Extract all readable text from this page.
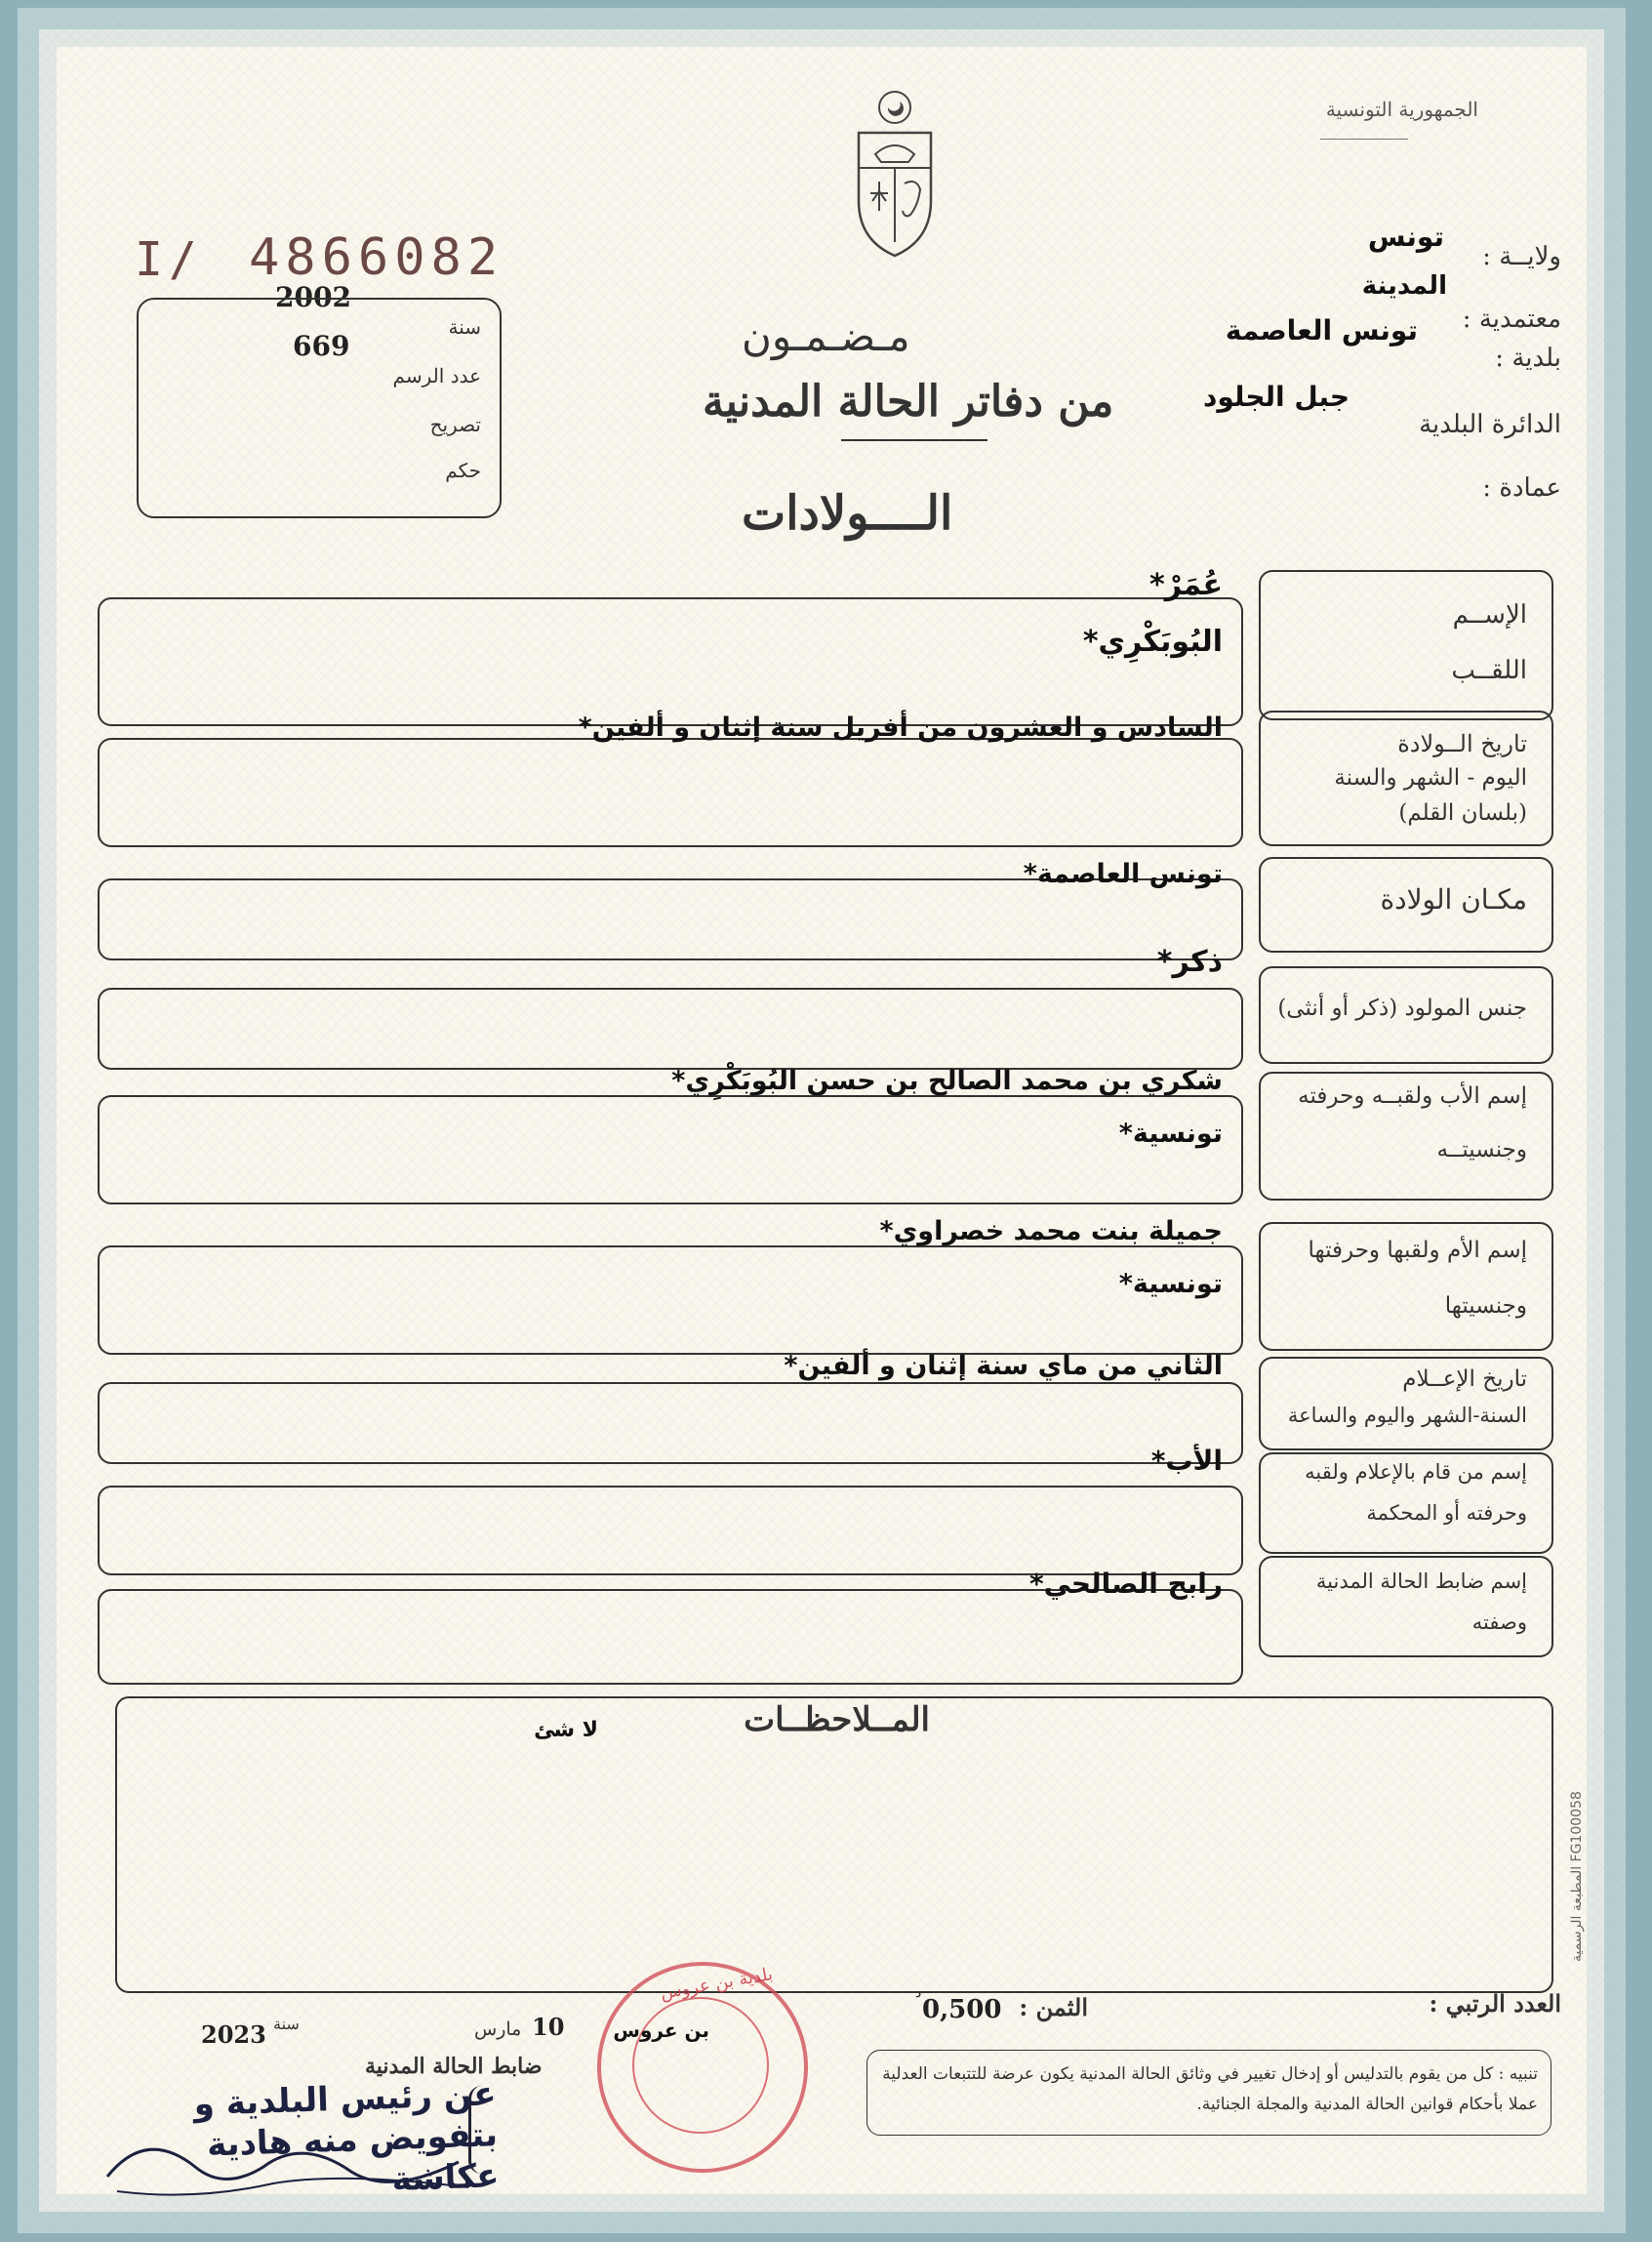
الجمهورية التونسية
I/ 4866082
2002
669
سنة
عدد الرسم
تصريح
حكم
ولايــة :
تونس
المدينة
معتمدية :
تونس العاصمة
بلدية :
الدائرة البلدية
جبل الجلود
عمادة :
مـضـمـون
من دفاتر الحالة المدنية
الــــولادات
الإســم
اللقــب
عُمَرْ *
البُوبَكْرِي *
تاريخ الــولادة
اليوم - الشهر والسنة
(بلسان القلم)
السادس و العشرون من أفريل سنة إثنان و ألفين *
مكـان الولادة
تونس العاصمة *
جنس المولود (ذكر أو أنثى)
ذكر *
إسم الأب ولقبــه وحرفته
وجنسيتــه
شكري بن محمد الصالح بن حسن البُوبَكْرِي *
تونسية *
إسم الأم ولقبها وحرفتها
وجنسيتها
جميلة بنت محمد خصراوي *
تونسية *
تاريخ الإعــلام
السنة-الشهر واليوم والساعة
الثاني من ماي سنة إثنان و ألفين *
إسم من قام بالإعلام ولقبه
وحرفته أو المحكمة
الأب *
إسم ضابط الحالة المدنية
وصفته
رابح الصالحي *
المــلاحظــات
لا شئ
المطبعة الرسمية FG100058
العدد الرتبي :
الثمن :
0,500
د
بلدية بن عروس
بن عروس
10
مارس
سنة
2023
ضابط الحالة المدنية
عن رئيس البلدية و بتفويض منه هادية عكاشة
تنبيه : كل من يقوم بالتدليس أو إدخال تغيير في وثائق الحالة المدنية يكون عرضة للتتبعات العدلية عملا بأحكام قوانين الحالة المدنية والمجلة الجنائية.
